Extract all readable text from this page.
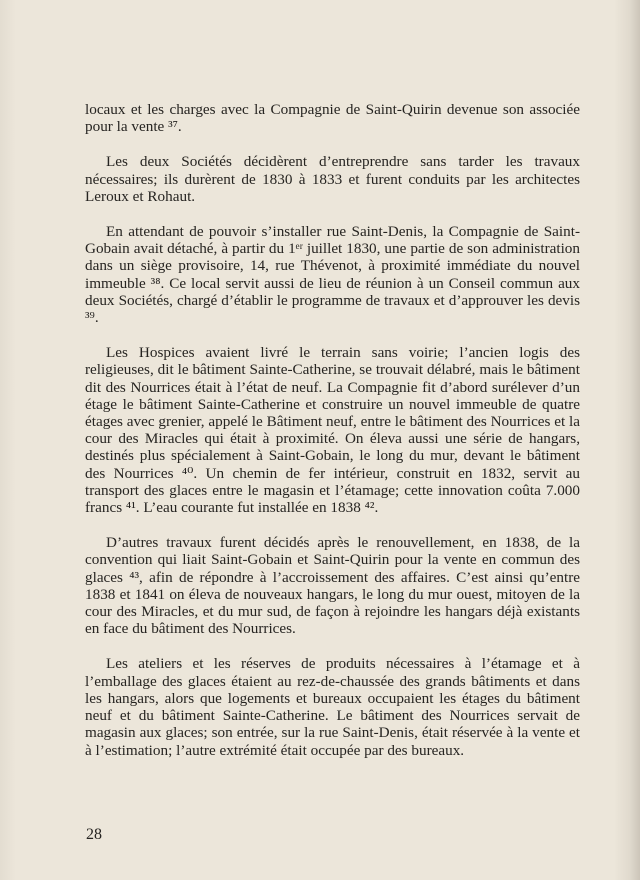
locaux et les charges avec la Compagnie de Saint-Quirin devenue son associée pour la vente ³⁷.

Les deux Sociétés décidèrent d’entreprendre sans tarder les travaux nécessaires; ils durèrent de 1830 à 1833 et furent conduits par les architectes Leroux et Rohaut.

En attendant de pouvoir s’installer rue Saint-Denis, la Compagnie de Saint-Gobain avait détaché, à partir du 1ᵉʳ juillet 1830, une partie de son administration dans un siège provisoire, 14, rue Thévenot, à proximité immédiate du nouvel immeuble ³⁸. Ce local servit aussi de lieu de réunion à un Conseil commun aux deux Sociétés, chargé d’établir le programme de travaux et d’approuver les devis ³⁹.

Les Hospices avaient livré le terrain sans voirie; l’ancien logis des religieuses, dit le bâtiment Sainte-Catherine, se trouvait délabré, mais le bâtiment dit des Nourrices était à l’état de neuf. La Compagnie fit d’abord surélever d’un étage le bâtiment Sainte-Catherine et construire un nouvel immeuble de quatre étages avec grenier, appelé le Bâtiment neuf, entre le bâtiment des Nourrices et la cour des Miracles qui était à proximité. On éleva aussi une série de hangars, destinés plus spécialement à Saint-Gobain, le long du mur, devant le bâtiment des Nourrices ⁴⁰. Un chemin de fer intérieur, construit en 1832, servit au transport des glaces entre le magasin et l’étamage; cette innovation coûta 7.000 francs ⁴¹. L’eau courante fut installée en 1838 ⁴².

D’autres travaux furent décidés après le renouvellement, en 1838, de la convention qui liait Saint-Gobain et Saint-Quirin pour la vente en commun des glaces ⁴³, afin de répondre à l’accroissement des affaires. C’est ainsi qu’entre 1838 et 1841 on éleva de nouveaux hangars, le long du mur ouest, mitoyen de la cour des Miracles, et du mur sud, de façon à rejoindre les hangars déjà existants en face du bâtiment des Nourrices.

Les ateliers et les réserves de produits nécessaires à l’étamage et à l’emballage des glaces étaient au rez-de-chaussée des grands bâtiments et dans les hangars, alors que logements et bureaux occupaient les étages du bâtiment neuf et du bâtiment Sainte-Catherine. Le bâtiment des Nourrices servait de magasin aux glaces; son entrée, sur la rue Saint-Denis, était réservée à la vente et à l’estimation; l’autre extrémité était occupée par des bureaux.

28
